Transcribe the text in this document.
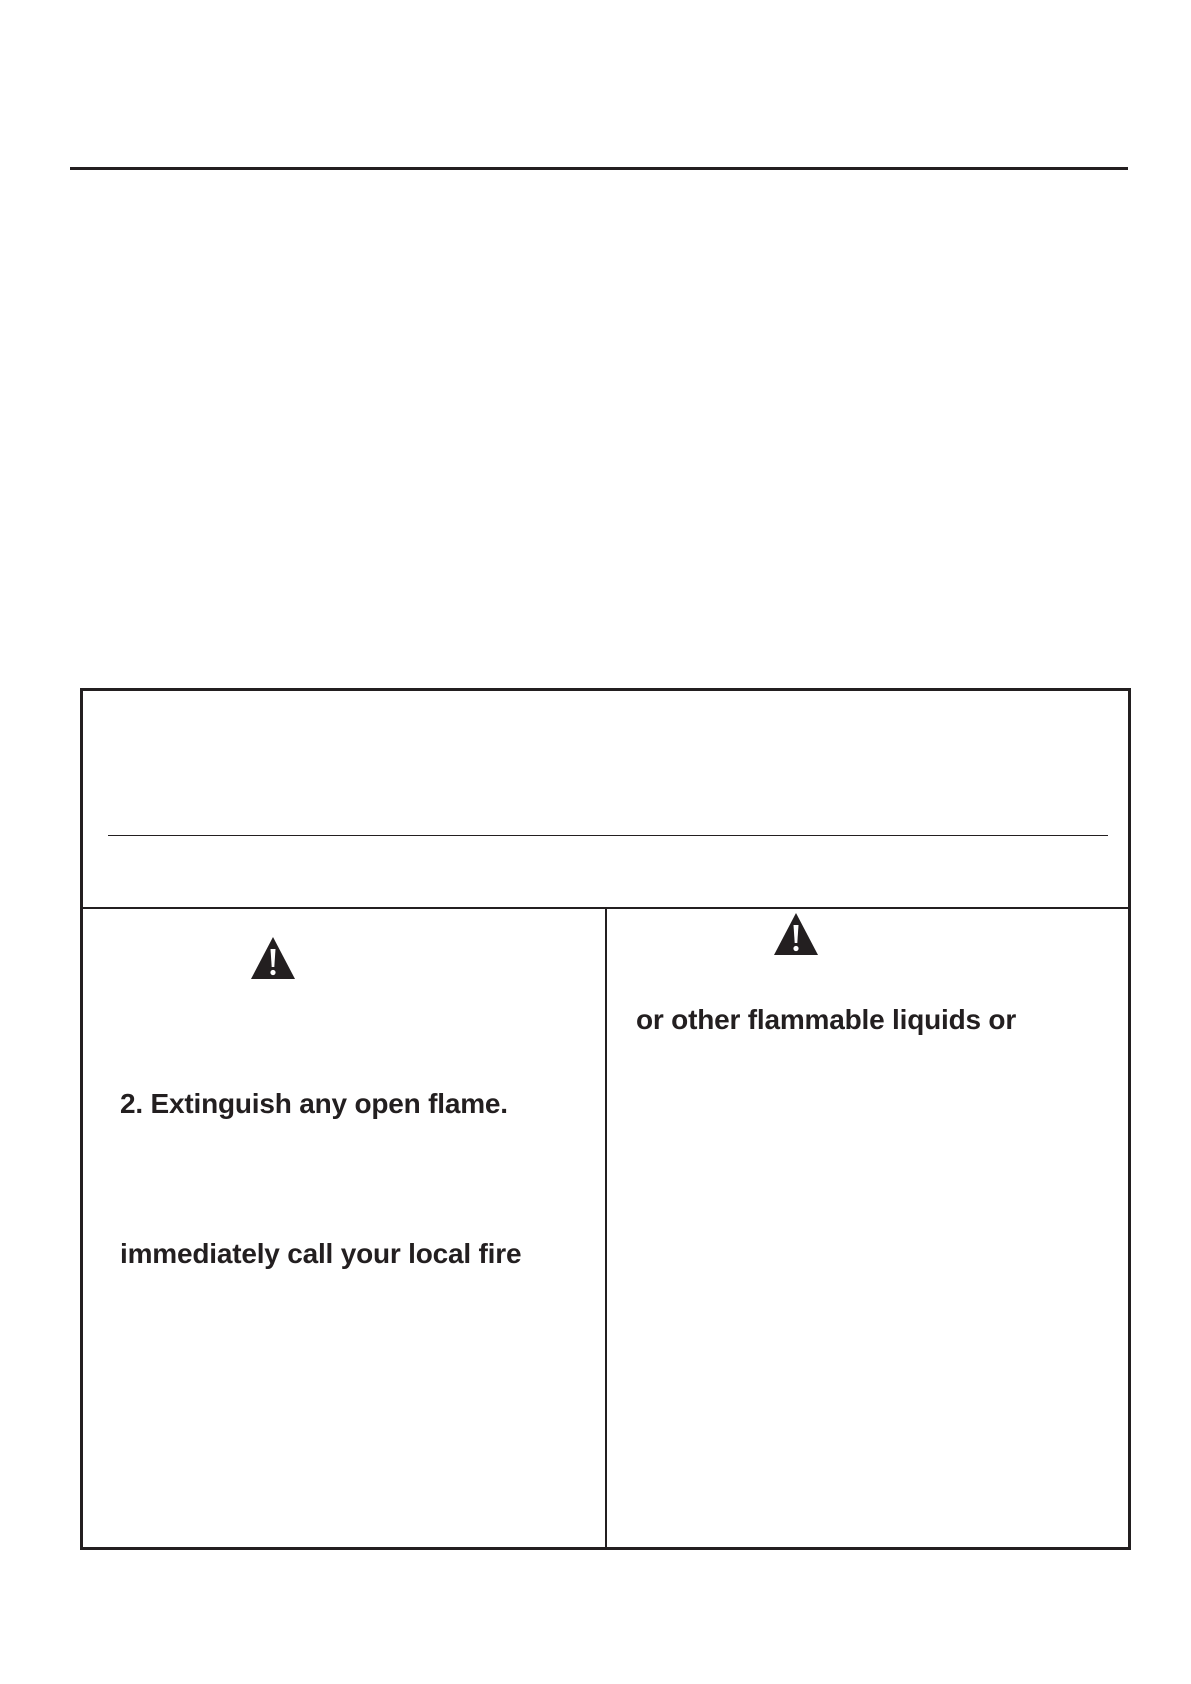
2. Extinguish any open flame.
immediately call your local fire
or other flammable liquids or
